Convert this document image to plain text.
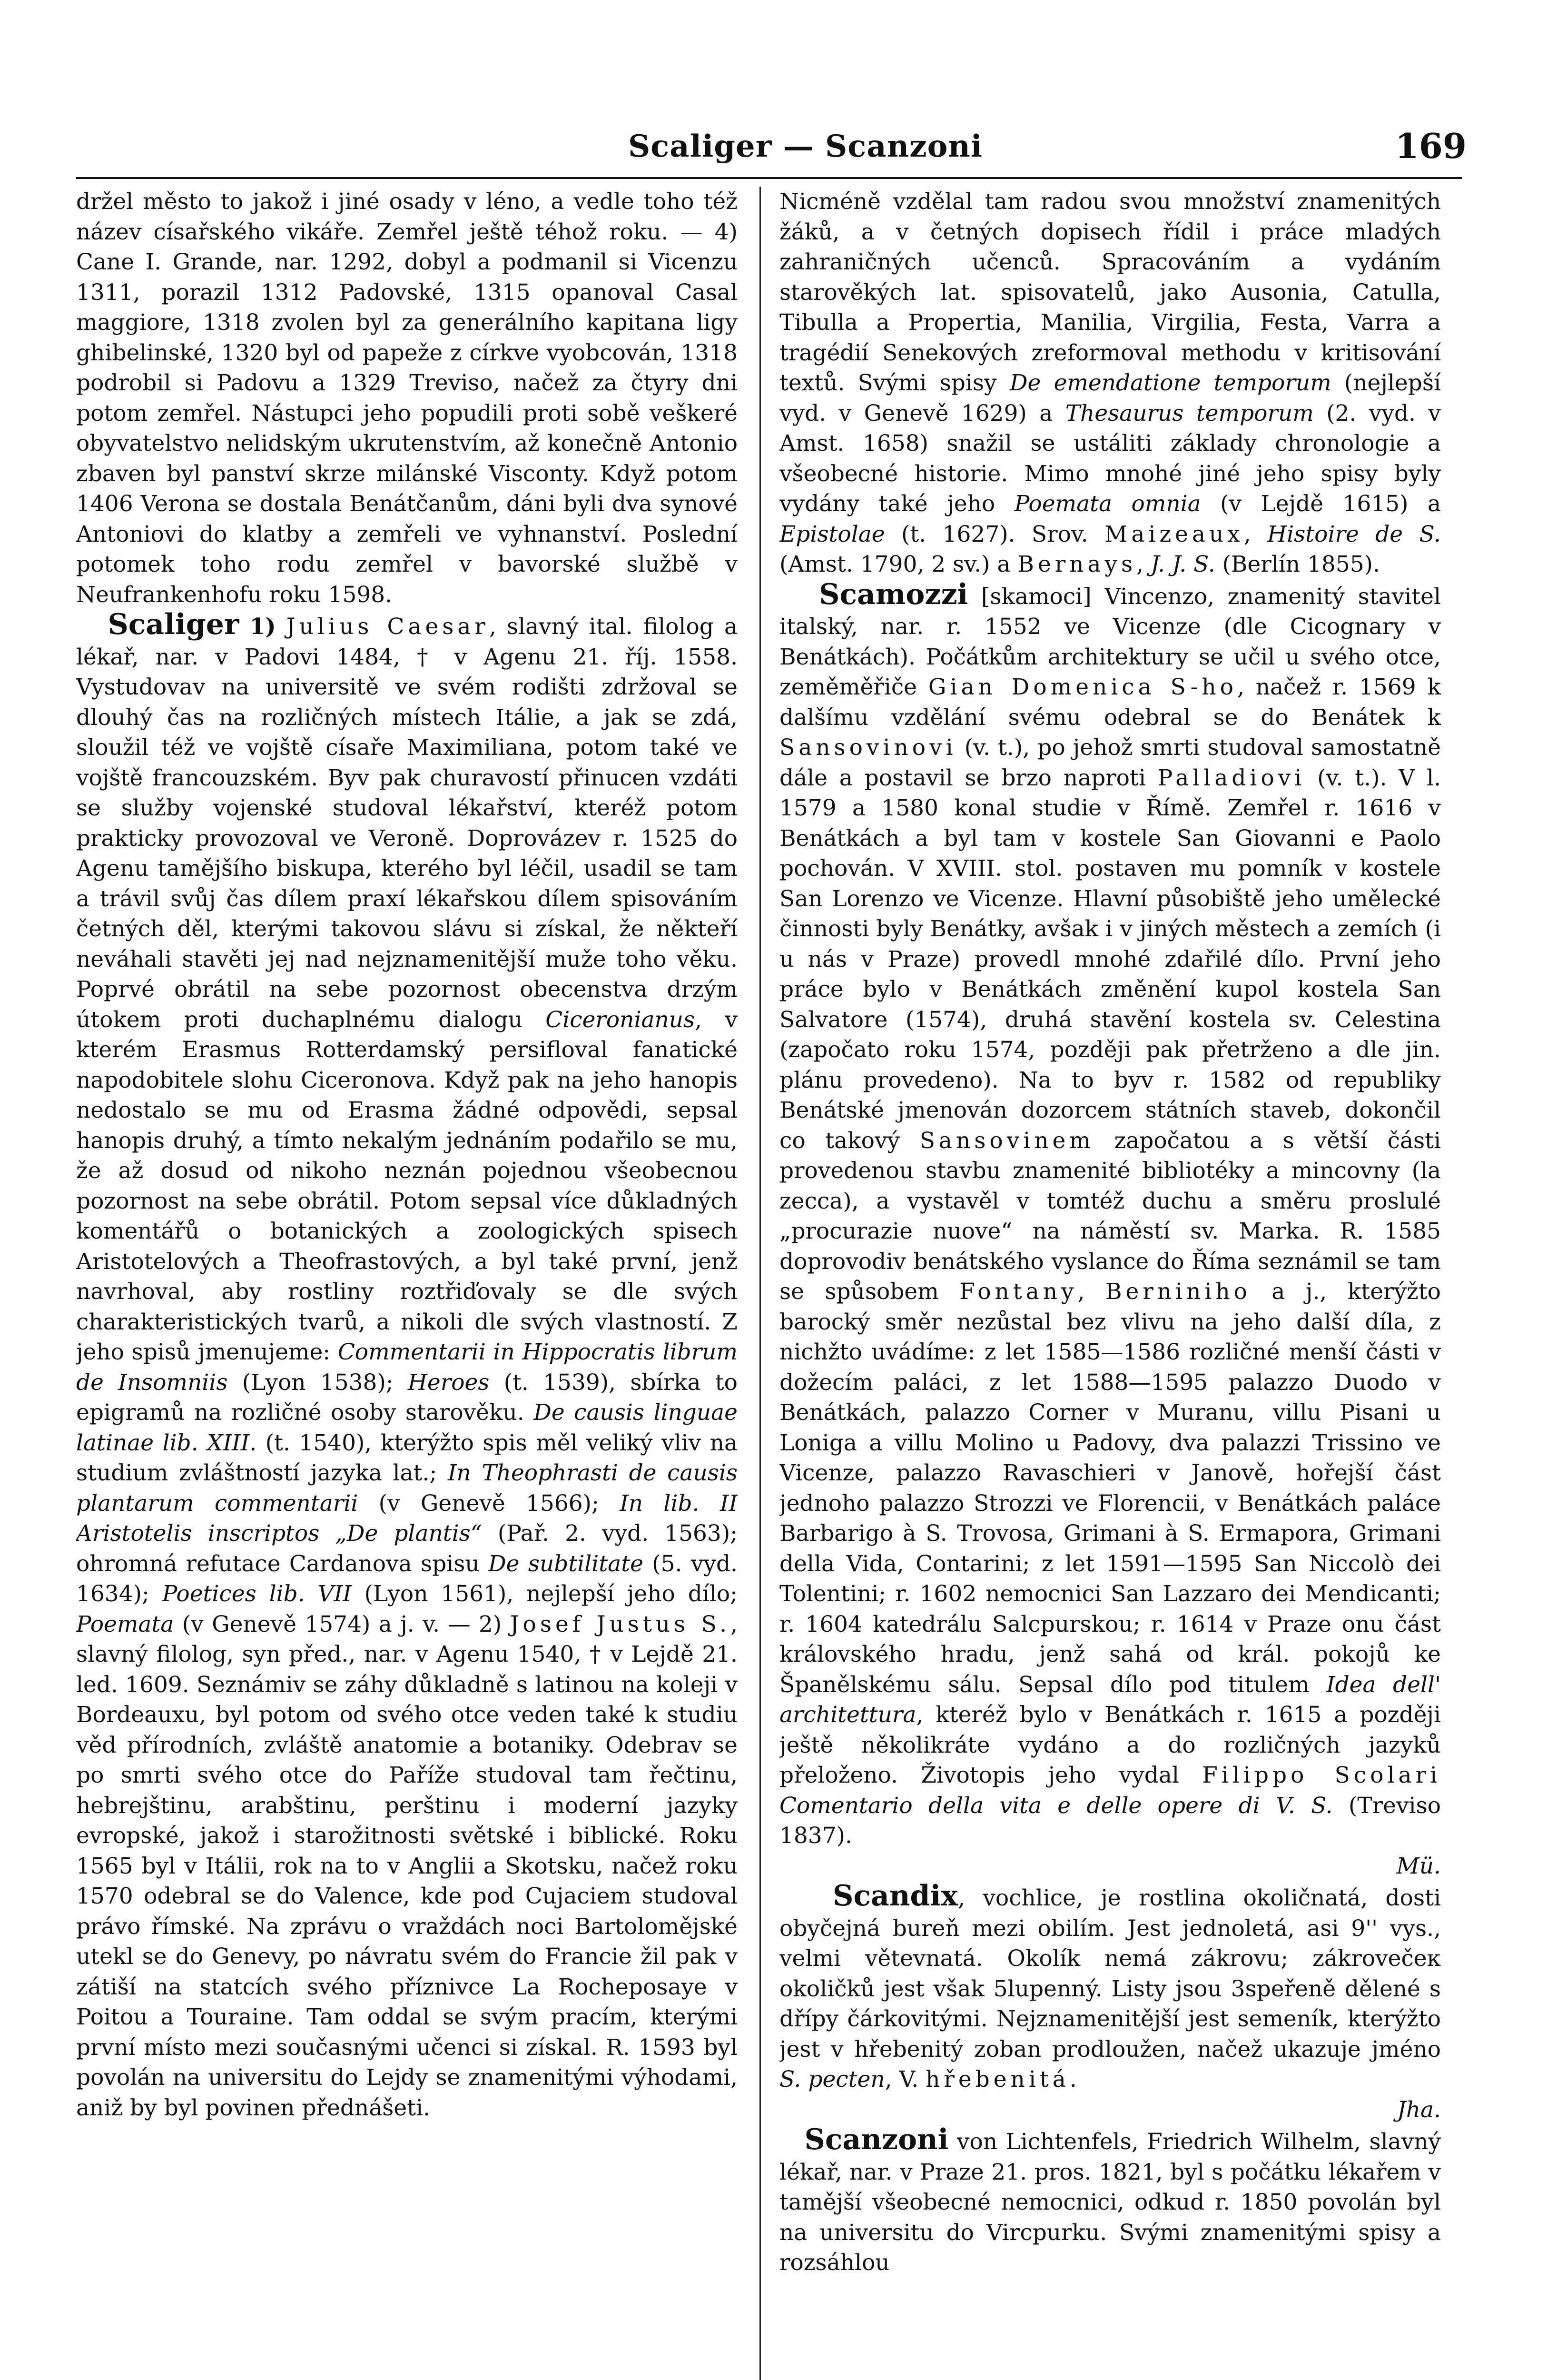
Scaliger — Scanzoni	169

držel město to jakož i jiné osady v léno, a vedle toho též název císařského vikáře. Zemřel ještě téhož roku. — 4) Cane I. Grande, nar. 1292, dobyl a podmanil si Vicenzu 1311, porazil 1312 Padovské, 1315 opanoval Casal maggiore, 1318 zvolen byl za generálního kapitana ligy ghibelinské, 1320 byl od papeže z církve vyobcován, 1318 podrobil si Padovu a 1329 Treviso, načež za čtyry dni potom zemřel. Nástupci jeho popudili proti sobě veškeré obyvatelstvo nelidským ukrutenstvím, až konečně Antonio zbaven byl panství skrze milánské Visconty. Když potom 1406 Verona se dostala Benátčanům, dáni byli dva synové Antoniovi do klatby a zemřeli ve vyhnanství. Poslední potomek toho rodu zemřel v bavorské službě v Neufrankenhofu roku 1598.

Scaliger 1) Julius Caesar, slavný ital. filolog a lékař, nar. v Padovi 1484, † v Agenu 21. říj. 1558. Vystudovav na universitě ve svém rodišti zdržoval se dlouhý čas na rozličných místech Itálie, a jak se zdá, sloužil též ve vojště císaře Maximiliana, potom také ve vojště francouzském. Byv pak churavostí přinucen vzdáti se služby vojenské studoval lékařství, kteréž potom prakticky provozoval ve Veroně. Doprovázev r. 1525 do Agenu tamějšího biskupa, kterého byl léčil, usadil se tam a trávil svůj čas dílem praxí lékařskou dílem spisováním četných děl, kterými takovou slávu si získal, že někteří neváhali stavěti jej nad nejznamenitější muže toho věku. Poprvé obrátil na sebe pozornost obecenstva drzým útokem proti duchaplnému dialogu Ciceronianus, v kterém Erasmus Rotterdamský persifloval fanatické napodobitele slohu Ciceronova. Když pak na jeho hanopis nedostalo se mu od Erasma žádné odpovědi, sepsal hanopis druhý, a tímto nekalým jednáním podařilo se mu, že až dosud od nikoho neznán pojednou všeobecnou pozornost na sebe obrátil. Potom sepsal více důkladných komentářů o botanických a zoologických spisech Aristotelových a Theofrastových, a byl také první, jenž navrhoval, aby rostliny roztřiďovaly se dle svých charakteristických tvarů, a nikoli dle svých vlastností. Z jeho spisů jmenujeme: Commentarii in Hippocratis librum de Insomniis (Lyon 1538); Heroes (t. 1539), sbírka to epigramů na rozličné osoby starověku. De causis linguae latinae lib. XIII. (t. 1540), kterýžto spis měl veliký vliv na studium zvláštností jazyka lat.; In Theophrasti de causis plantarum commentarii (v Genevě 1566); In lib. II Aristotelis inscriptos „De plantis“ (Pař. 2. vyd. 1563); ohromná refutace Cardanova spisu De subtilitate (5. vyd. 1634); Poetices lib. VII (Lyon 1561), nejlepší jeho dílo; Poemata (v Genevě 1574) a j. v. — 2) Josef Justus S., slavný filolog, syn před., nar. v Agenu 1540, † v Lejdě 21. led. 1609. Seznámiv se záhy důkladně s latinou na koleji v Bordeauxu, byl potom od svého otce veden také k studiu věd přírodních, zvláště anatomie a botaniky. Odebrav se po smrti svého otce do Paříže studoval tam řečtinu, hebrejštinu, arabštinu, perštinu i moderní jazyky evropské, jakož i starožitnosti světské i biblické. Roku 1565 byl v Itálii, rok na to v Anglii a Skotsku, načež roku 1570 odebral se do Valence, kde pod Cujaciem studoval právo římské. Na zprávu o vraždách noci Bartolomějské utekl se do Genevy, po návratu svém do Francie žil pak v zátiší na statcích svého příznivce La Rocheposaye v Poitou a Touraine. Tam oddal se svým pracím, kterými první místo mezi současnými učenci si získal. R. 1593 byl povolán na universitu do Lejdy se znamenitými výhodami, aniž by byl povinen přednášeti.

Nicméně vzdělal tam radou svou množství znamenitých žáků, a v četných dopisech řídil i práce mladých zahraničných učenců. Spracováním a vydáním starověkých lat. spisovatelů, jako Ausonia, Catulla, Tibulla a Propertia, Manilia, Virgilia, Festa, Varra a tragédií Senekových zreformoval methodu v kritisování textů. Svými spisy De emendatione temporum (nejlepší vyd. v Genevě 1629) a Thesaurus temporum (2. vyd. v Amst. 1658) snažil se ustáliti základy chronologie a všeobecné historie. Mimo mnohé jiné jeho spisy byly vydány také jeho Poemata omnia (v Lejdě 1615) a Epistolae (t. 1627). Srov. Maizeaux, Histoire de S. (Amst. 1790, 2 sv.) a Bernays, J. J. S. (Berlín 1855).

Scamozzi [skamoci] Vincenzo, znamenitý stavitel italský, nar. r. 1552 ve Vicenze (dle Cicognary v Benátkách). Počátkům architektury se učil u svého otce, zeměměřiče Gian Domenica S-ho, načež r. 1569 k dalšímu vzdělání svému odebral se do Benátek k Sansovinovi (v. t.), po jehož smrti studoval samostatně dále a postavil se brzo naproti Palladiovi (v. t.). V l. 1579 a 1580 konal studie v Římě. Zemřel r. 1616 v Benátkách a byl tam v kostele San Giovanni e Paolo pochován. V XVIII. stol. postaven mu pomník v kostele San Lorenzo ve Vicenze. Hlavní působiště jeho umělecké činnosti byly Benátky, avšak i v jiných městech a zemích (i u nás v Praze) provedl mnohé zdařilé dílo. První jeho práce bylo v Benátkách změnění kupol kostela San Salvatore (1574), druhá stavění kostela sv. Celestina (započato roku 1574, později pak přetrženo a dle jin. plánu provedeno). Na to byv r. 1582 od republiky Benátské jmenován dozorcem státních staveb, dokončil co takový Sansovinem započatou a s větší části provedenou stavbu znamenité bibliotéky a mincovny (la zecca), a vystavěl v tomtéž duchu a směru proslulé „procurazie nuove“ na náměstí sv. Marka. R. 1585 doprovodiv benátského vyslance do Říma seznámil se tam se spůsobem Fontany, Berniniho a j., kterýžto barocký směr nezůstal bez vlivu na jeho další díla, z nichžto uvádíme: z let 1585—1586 rozličné menší části v dožecím paláci, z let 1588—1595 palazzo Duodo v Benátkách, palazzo Corner v Muranu, villu Pisani u Loniga a villu Molino u Padovy, dva palazzi Trissino ve Vicenze, palazzo Ravaschieri v Janově, hořejší část jednoho palazzo Strozzi ve Florencii, v Benátkách paláce Barbarigo à S. Trovosa, Grimani à S. Ermapora, Grimani della Vida, Contarini; z let 1591—1595 San Niccolò dei Tolentini; r. 1602 nemocnici San Lazzaro dei Mendicanti; r. 1604 katedrálu Salcpurskou; r. 1614 v Praze onu část královského hradu, jenž sahá od král. pokojů ke Španělskému sálu. Sepsal dílo pod titulem Idea dell' architettura, kteréž bylo v Benátkách r. 1615 a později ještě několikráte vydáno a do rozličných jazyků přeloženo. Životopis jeho vydal Filippo Scolari Comentario della vita e delle opere di V. S. (Treviso 1837).
Mü.

Scandix, vochlice, je rostlina okoličnatá, dosti obyčejná bureň mezi obilím. Jest jednoletá, asi 9'' vys., velmi větevnatá. Okolík nemá zákrovu; zákrovečeк okoličků jest však 5lupenný. Listy jsou 3speřeně dělené s dřípy čárkovitými. Nejznamenitější jest semeník, kterýžto jest v hřebenitý zoban prodloužen, načež ukazuje jméno S. pecten, V. hřebenitá.
Jha.

Scanzoni von Lichtenfels, Friedrich Wilhelm, slavný lékař, nar. v Praze 21. pros. 1821, byl s počátku lékařem v tamější všeobecné nemocnici, odkud r. 1850 povolán byl na universitu do Virсpurku. Svými znamenitými spisy a rozsáhlou
